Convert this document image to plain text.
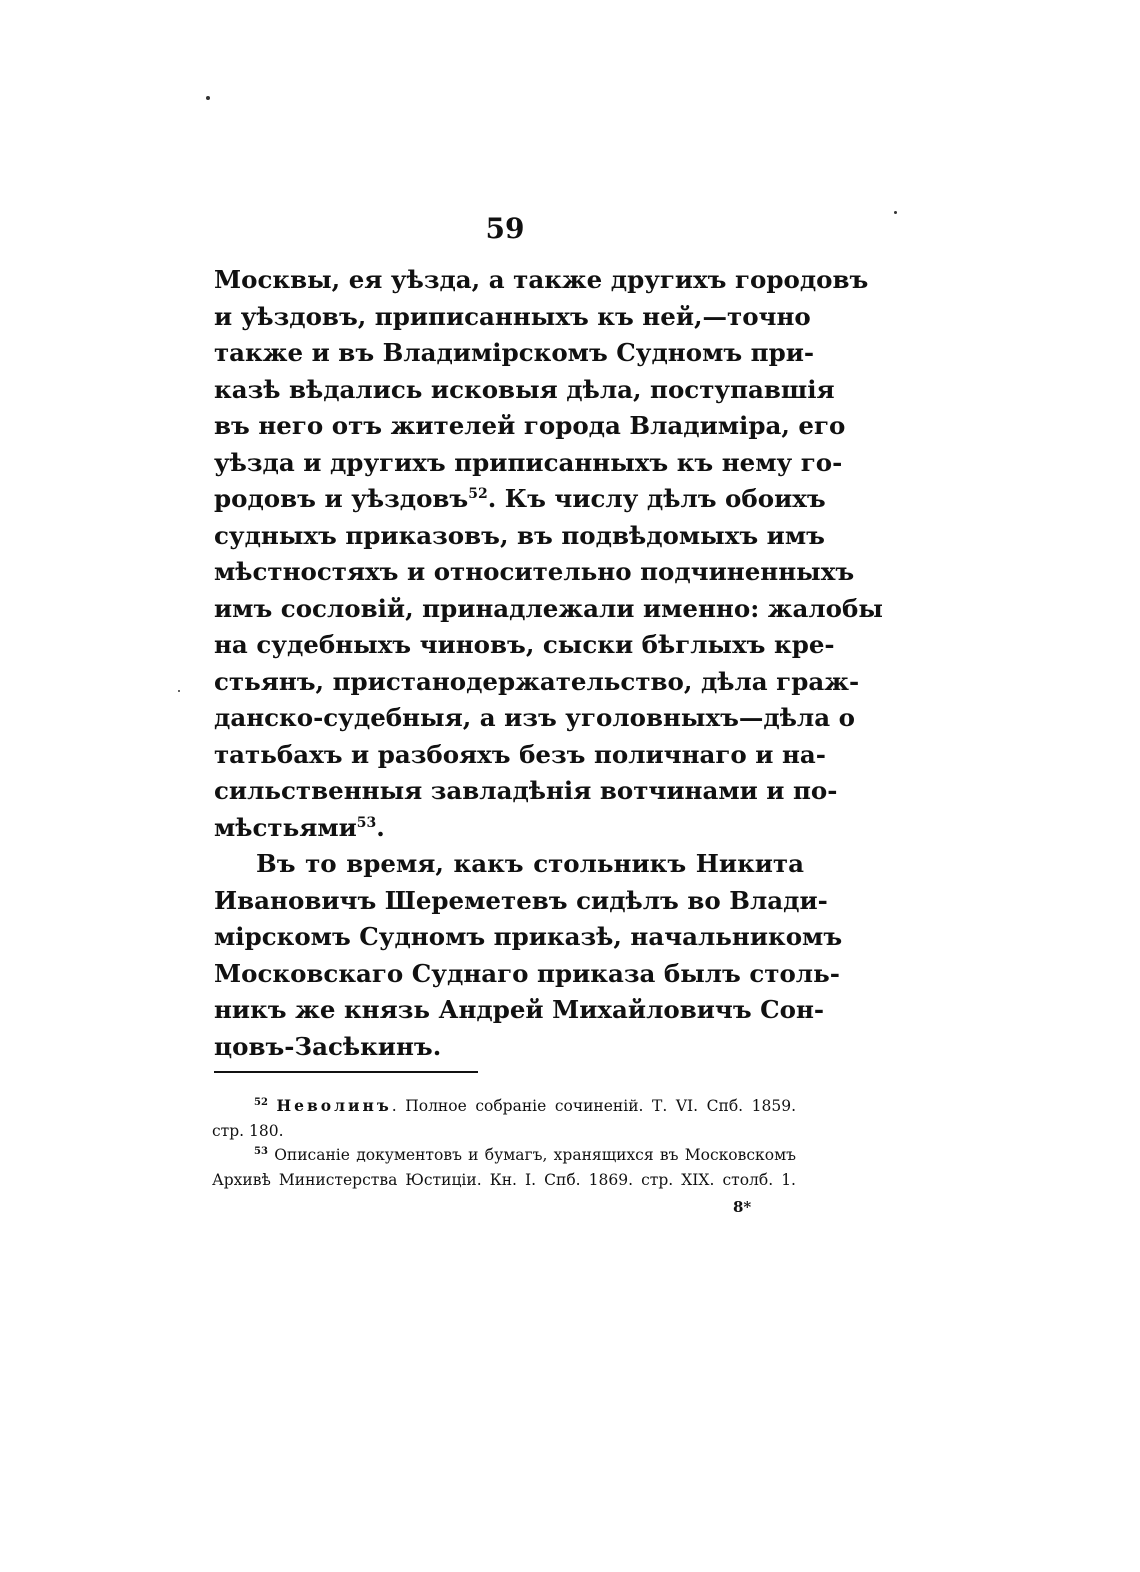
59
Москвы, ея уѣзда, а также другихъ городовъ
и уѣздовъ, приписанныхъ къ ней,—точно
также и въ Владимірскомъ Судномъ при-
казѣ вѣдались исковыя дѣла, поступавшія
въ него отъ жителей города Владиміра, его
уѣзда и другихъ приписанныхъ къ нему го-
родовъ и уѣздовъ$^{52}$. Къ числу дѣлъ обоихъ
судныхъ приказовъ, въ подвѣдомыхъ имъ
мѣстностяхъ и относительно подчиненныхъ
имъ сословій, принадлежали именно: жалобы
на судебныхъ чиновъ, сыски бѣглыхъ кре-
стьянъ, пристанодержательство, дѣла граж-
данско-судебныя, а изъ уголовныхъ—дѣла о
татьбахъ и разбояхъ безъ поличнаго и на-
сильственныя завладѣнія вотчинами и по-
мѣстьями$^{53}$.
Въ то время, какъ стольникъ Никита
Ивановичъ Шереметевъ сидѣлъ во Влади-
мірскомъ Судномъ приказѣ, начальникомъ
Московскаго Суднаго приказа былъ столь-
никъ же князь Андрей Михайловичъ Сон-
цовъ-Засѣкинъ.
$^{52}$ Неволинъ. Полное собраніе сочиненій. Т. VI. Спб. 1859.
стр. 180.
$^{53}$ Описаніе документовъ и бумагъ, хранящихся въ Московскомъ
Архивѣ Министерства Юстиціи. Кн. I. Спб. 1869. стр. XIX. столб. 1.
8*
